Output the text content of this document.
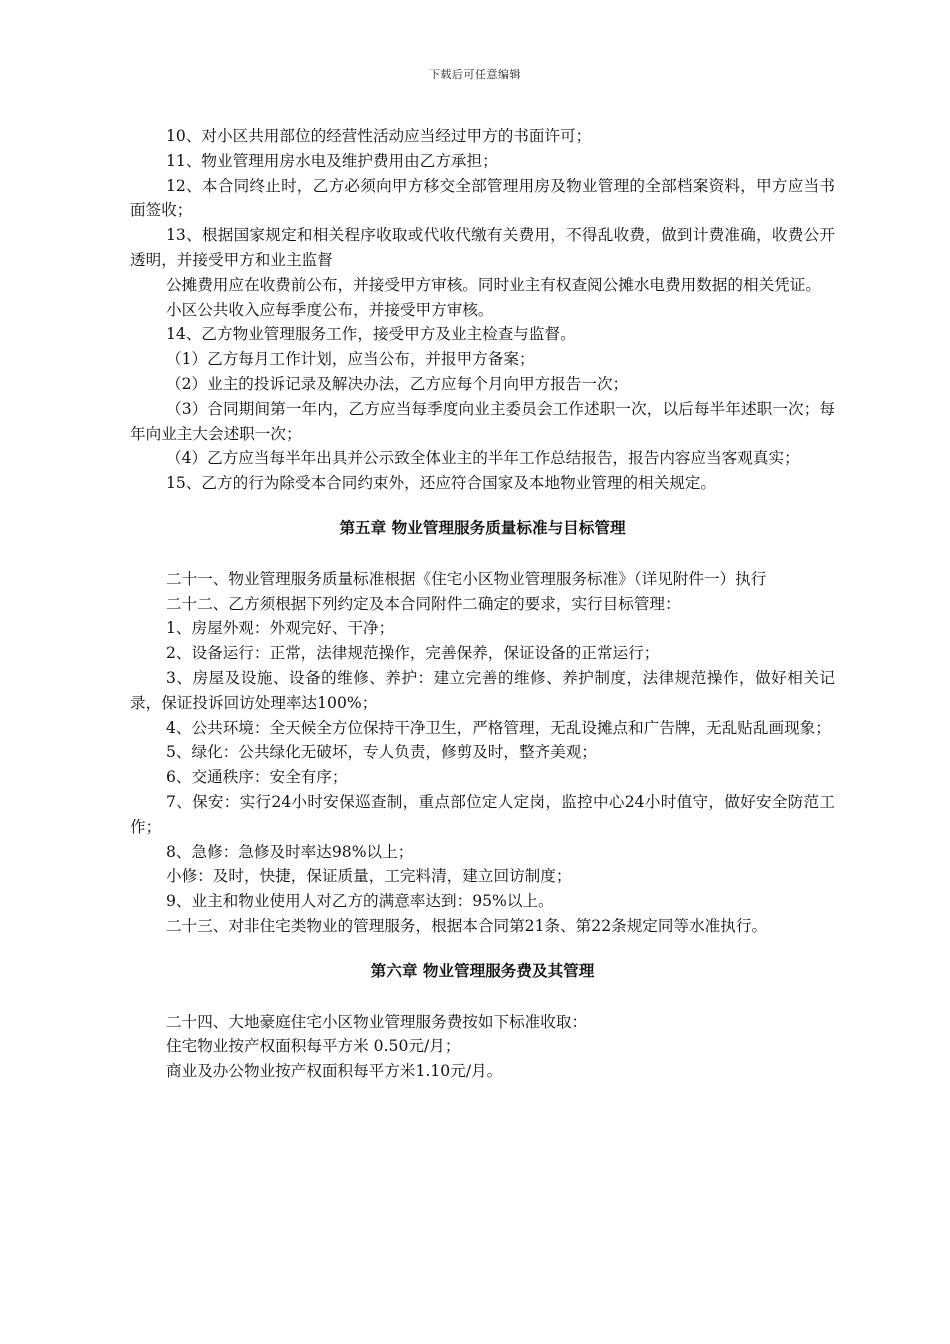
下载后可任意编辑

10、对小区共用部位的经营性活动应当经过甲方的书面许可；

11、物业管理用房水电及维护费用由乙方承担；

12、本合同终止时，乙方必须向甲方移交全部管理用房及物业管理的全部档案资料，甲方应当书面签收；

13、根据国家规定和相关程序收取或代收代缴有关费用，不得乱收费，做到计费准确，收费公开透明，并接受甲方和业主监督

公摊费用应在收费前公布，并接受甲方审核。同时业主有权查阅公摊水电费用数据的相关凭证。

小区公共收入应每季度公布，并接受甲方审核。

14、乙方物业管理服务工作，接受甲方及业主检查与监督。

（1）乙方每月工作计划，应当公布，并报甲方备案；

（2）业主的投诉记录及解决办法，乙方应每个月向甲方报告一次；

（3）合同期间第一年内，乙方应当每季度向业主委员会工作述职一次，以后每半年述职一次；每年向业主大会述职一次；

（4）乙方应当每半年出具并公示致全体业主的半年工作总结报告，报告内容应当客观真实；

15、乙方的行为除受本合同约束外，还应符合国家及本地物业管理的相关规定。

第五章 物业管理服务质量标准与目标管理

二十一、物业管理服务质量标准根据《住宅小区物业管理服务标准》（详见附件一）执行

二十二、乙方须根据下列约定及本合同附件二确定的要求，实行目标管理：

1、房屋外观：外观完好、干净；

2、设备运行：正常，法律规范操作，完善保养，保证设备的正常运行；

3、房屋及设施、设备的维修、养护：建立完善的维修、养护制度，法律规范操作，做好相关记录，保证投诉回访处理率达100%；

4、公共环境：全天候全方位保持干净卫生，严格管理，无乱设摊点和广告牌，无乱贴乱画现象；

5、绿化：公共绿化无破坏，专人负责，修剪及时，整齐美观；

6、交通秩序：安全有序；

7、保安：实行24小时安保巡查制，重点部位定人定岗，监控中心24小时值守，做好安全防范工作；

8、急修：急修及时率达98%以上；

小修：及时，快捷，保证质量，工完料清，建立回访制度；

9、业主和物业使用人对乙方的满意率达到：95%以上。

二十三、对非住宅类物业的管理服务，根据本合同第21条、第22条规定同等水准执行。

第六章 物业管理服务费及其管理

二十四、大地豪庭住宅小区物业管理服务费按如下标准收取：

住宅物业按产权面积每平方米 0.50元/月；

商业及办公物业按产权面积每平方米1.10元/月。
